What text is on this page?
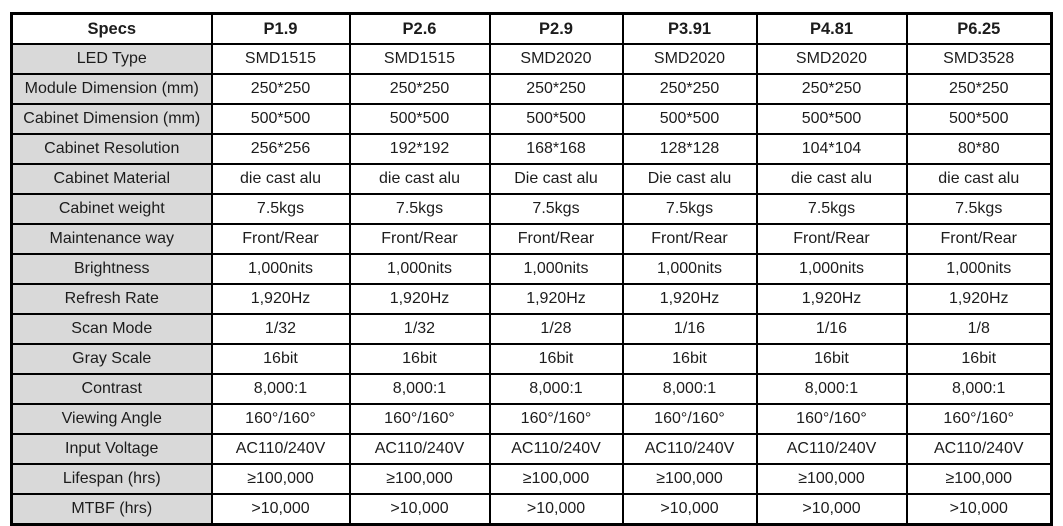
Specs	P1.9	P2.6	P2.9	P3.91	P4.81	P6.25
LED Type	SMD1515	SMD1515	SMD2020	SMD2020	SMD2020	SMD3528
Module Dimension (mm)	250*250	250*250	250*250	250*250	250*250	250*250
Cabinet Dimension (mm)	500*500	500*500	500*500	500*500	500*500	500*500
Cabinet Resolution	256*256	192*192	168*168	128*128	104*104	80*80
Cabinet Material	die cast alu	die cast alu	Die cast alu	Die cast alu	die cast alu	die cast alu
Cabinet weight	7.5kgs	7.5kgs	7.5kgs	7.5kgs	7.5kgs	7.5kgs
Maintenance way	Front/Rear	Front/Rear	Front/Rear	Front/Rear	Front/Rear	Front/Rear
Brightness	1,000nits	1,000nits	1,000nits	1,000nits	1,000nits	1,000nits
Refresh Rate	1,920Hz	1,920Hz	1,920Hz	1,920Hz	1,920Hz	1,920Hz
Scan Mode	1/32	1/32	1/28	1/16	1/16	1/8
Gray Scale	16bit	16bit	16bit	16bit	16bit	16bit
Contrast	8,000:1	8,000:1	8,000:1	8,000:1	8,000:1	8,000:1
Viewing Angle	160°/160°	160°/160°	160°/160°	160°/160°	160°/160°	160°/160°
Input Voltage	AC110/240V	AC110/240V	AC110/240V	AC110/240V	AC110/240V	AC110/240V
Lifespan (hrs)	≥100,000	≥100,000	≥100,000	≥100,000	≥100,000	≥100,000
MTBF (hrs)	>10,000	>10,000	>10,000	>10,000	>10,000	>10,000
